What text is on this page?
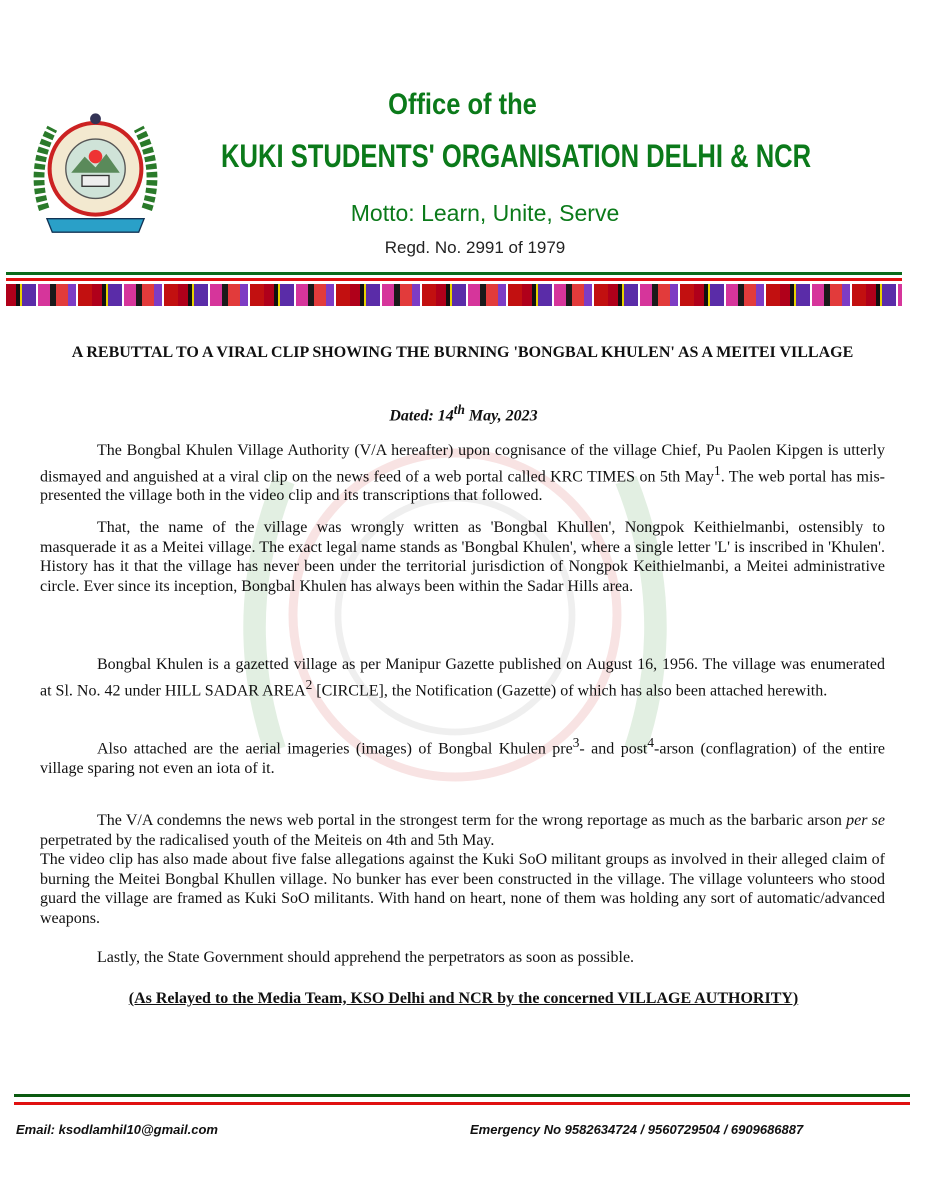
Office of the
KUKI STUDENTS' ORGANISATION DELHI & NCR
Motto: Learn, Unite, Serve
Regd. No. 2991 of 1979
A REBUTTAL TO A VIRAL CLIP SHOWING THE BURNING 'BONGBAL KHULEN' AS A MEITEI VILLAGE
Dated: 14th May, 2023
The Bongbal Khulen Village Authority (V/A hereafter) upon cognisance of the village Chief, Pu Paolen Kipgen is utterly dismayed and anguished at a viral clip on the news feed of a web portal called KRC TIMES on 5th May$^1$. The web portal has mis-presented the village both in the video clip and its transcriptions that followed.
That, the name of the village was wrongly written as 'Bongbal Khullen', Nongpok Keithielmanbi, ostensibly to masquerade it as a Meitei village. The exact legal name stands as 'Bongbal Khulen', where a single letter 'L' is inscribed in 'Khulen'. History has it that the village has never been under the territorial jurisdiction of Nongpok Keithielmanbi, a Meitei administrative circle. Ever since its inception, Bongbal Khulen has always been within the Sadar Hills area.
Bongbal Khulen is a gazetted village as per Manipur Gazette published on August 16, 1956. The village was enumerated at Sl. No. 42 under HILL SADAR AREA$^2$ [CIRCLE], the Notification (Gazette) of which has also been attached herewith.
Also attached are the aerial imageries (images) of Bongbal Khulen pre$^3$- and post$^4$-arson (conflagration) of the entire village sparing not even an iota of it.
The V/A condemns the news web portal in the strongest term for the wrong reportage as much as the barbaric arson per se perpetrated by the radicalised youth of the Meiteis on 4th and 5th May.
The video clip has also made about five false allegations against the Kuki SoO militant groups as involved in their alleged claim of burning the Meitei Bongbal Khullen village. No bunker has ever been constructed in the village. The village volunteers who stood guard the village are framed as Kuki SoO militants. With hand on heart, none of them was holding any sort of automatic/advanced weapons.
Lastly, the State Government should apprehend the perpetrators as soon as possible.
(As Relayed to the Media Team, KSO Delhi and NCR by the concerned VILLAGE AUTHORITY)
Email: ksodlamhil10@gmail.com	Emergency No 9582634724 / 9560729504 / 6909686887
